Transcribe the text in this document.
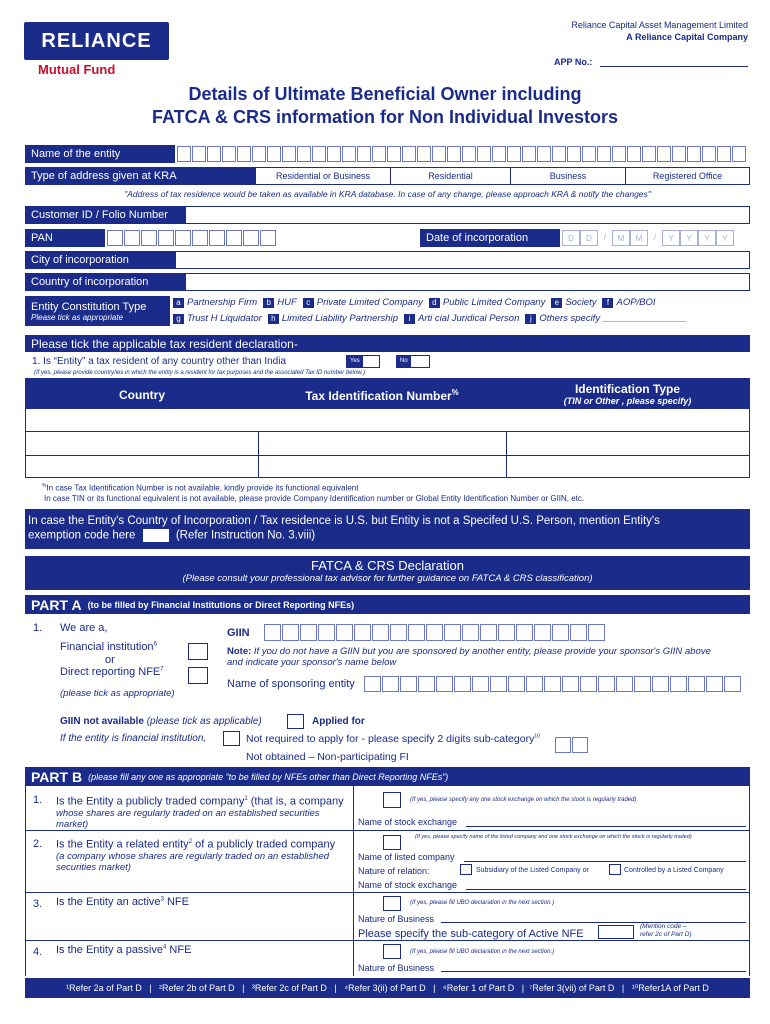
RELIANCE
Mutual Fund
Reliance Capital Asset Management Limited
A Reliance Capital Company
APP No.:
Details of Ultimate Beneficial Owner including
FATCA & CRS information for Non Individual Investors
Name of the entity
Type of address given at KRA	Residential or Business	Residential	Business	Registered Office
"Address of tax residence would be taken as available in KRA database. In case of any change, please approach KRA & notify the changes"
Customer ID / Folio Number
PAN	Date of incorporation	D	D	/	M	M	/	Y	Y	Y	Y
City of incorporation
Country of incorporation
Entity Constitution Type
Please tick as appropriate
a Partnership Firm b HUF c Private Limited Company d Public Limited Company e Society f AOP/BOI
g Trust H Liquidator h Limited Liability Partnership i Arti cial Juridical Person j Others specify ________________
Please tick the applicable tax resident declaration-
1. Is “Entity” a tax resident of any country other than India	Yes	No
(If yes, please provide country/ies in which the entity is a resident for tax purposes and the associated Tax ID number below.)
Country	Tax Identification Number%	Identification Type
(TIN or Other , please specify)
%In case Tax Identification Number is not available, kindly provide its functional equivalent
In case TIN or its functional equivalent is not available, please provide Company Identification number or Global Entity Identification Number or GIIN, etc.
In case the Entity's Country of Incorporation / Tax residence is U.S. but Entity is not a Specifed U.S. Person, mention Entity's
exemption code here	(Refer Instruction No. 3.viii)
FATCA & CRS Declaration
(Please consult your professional tax advisor for further guidance on FATCA & CRS classification)
PART A (to be filled by Financial Institutions or Direct Reporting NFEs)
1. We are a,
Financial institution$^6$
or
Direct reporting NFE$^7$
(please tick as appropriate)
GIIN
Note: If you do not have a GIIN but you are sponsored by another entity, please provide your sponsor's GIIN above and indicate your sponsor's name below
Name of sponsoring entity
GIIN not available (please tick as applicable)	Applied for
If the entity is financial institution,	Not required to apply for - please specify 2 digits sub-category$^{10}$
Not obtained – Non-participating FI
PART B (please fill any one as appropriate “to be filled by NFEs other than Direct Reporting NFEs”)
1. Is the Entity a publicly traded company$^1$ (that is, a company
whose shares are regularly traded on an established securities market)
(If yes, please specify any one stock exchange on which the stock is regularly traded)
Name of stock exchange
2. Is the Entity a related entity$^2$ of a publicly traded company
(a company whose shares are regularly traded on an established securities market)
(If yes, please specify name of the listed company and one stock exchange on which the stock is regularly traded)
Name of listed company
Nature of relation:	Subsidiary of the Listed Company or	Controlled by a Listed Company
Name of stock exchange
3. Is the Entity an active$^3$ NFE	(If yes, please fill UBO declaration in the next section.)
Nature of Business
Please specify the sub-category of Active NFE
(Mention code –
refer 2c of Part D)
4. Is the Entity a passive$^4$ NFE	(If yes, please fill UBO declaration in the next section.)
Nature of Business
¹Refer 2a of Part D   |   ²Refer 2b of Part D   |   ³Refer 2c of Part D   |   ⁴Refer 3(ii) of Part D   |   ⁶Refer 1 of Part D   |  ⁷Refer 3(vii) of Part D   |   ¹⁰Refer1A of Part D
